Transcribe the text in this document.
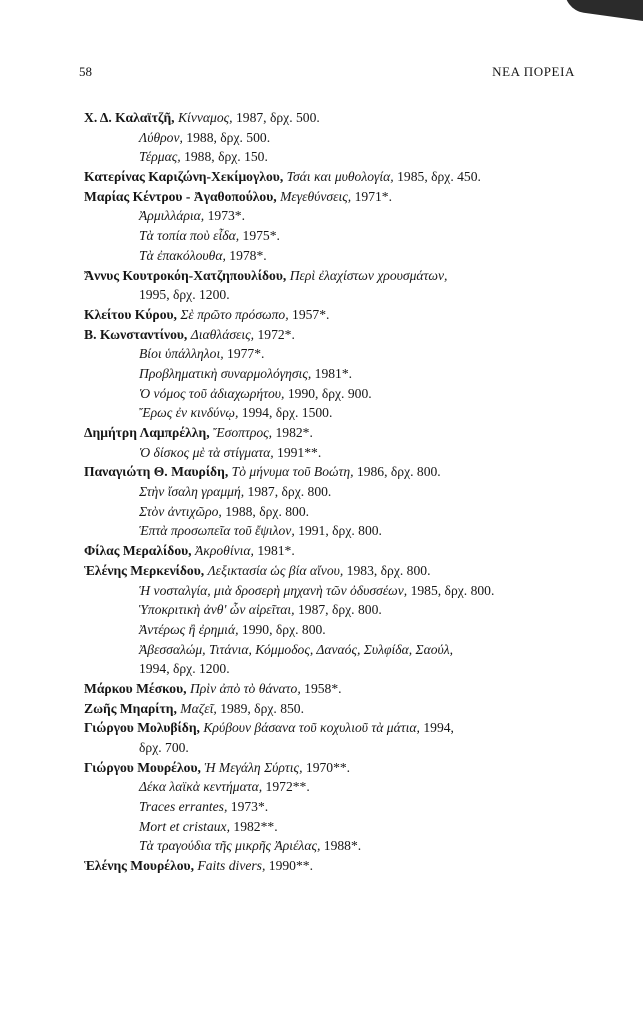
58	ΝΕΑ ΠΟΡΕΙΑ
Χ. Δ. Καλαϊτζῆ, Κίνναμος, 1987, δρχ. 500.
Λύθρον, 1988, δρχ. 500.
Τέρμας, 1988, δρχ. 150.
Κατερίνας Καριζώνη-Χεκίμογλου, Τσάι και μυθολογία, 1985, δρχ. 450.
Μαρίας Κέντρου - Ἀγαθοπούλου, Μεγεθύνσεις, 1971*.
Ἀρμιλλάρια, 1973*.
Τὰ τοπία ποὺ εἶδα, 1975*.
Τὰ ἐπακόλουθα, 1978*.
Ἄννυς Κουτροκόη-Χατζηπουλίδου, Περὶ ἐλαχίστων χρουσμάτων,
1995, δρχ. 1200.
Κλείτου Κύρου, Σὲ πρῶτο πρόσωπο, 1957*.
Β. Κωνσταντίνου, Διαθλάσεις, 1972*.
Βίοι ὑπάλληλοι, 1977*.
Προβληματικὴ συναρμολόγησις, 1981*.
Ὁ νόμος τοῦ ἀδιαχωρήτου, 1990, δρχ. 900.
Ἔρως ἐν κινδύνῳ, 1994, δρχ. 1500.
Δημήτρη Λαμπρέλλη, Ἔσοπτρος, 1982*.
Ὁ δίσκος μὲ τὰ στίγματα, 1991**.
Παναγιώτη Θ. Μαυρίδη, Τὸ μήνυμα τοῦ Βοώτη, 1986, δρχ. 800.
Στὴν ἴσαλη γραμμή, 1987, δρχ. 800.
Στὸν ἀντιχῶρο, 1988, δρχ. 800.
Ἑπτὰ προσωπεῖα τοῦ ἔψιλον, 1991, δρχ. 800.
Φίλας Μεραλίδου, Ἀκροθίνια, 1981*.
Ἑλένης Μερκενίδου, Λεξικτασία ὡς βία αἴνου, 1983, δρχ. 800.
Ἡ νοσταλγία, μιὰ δροσερὴ μηχανὴ τῶν ὀδυσσέων, 1985, δρχ. 800.
Ὑποκριτικὴ ἀνθ' ὧν αἱρεῖται, 1987, δρχ. 800.
Ἀντέρως ἢ ἐρημιά, 1990, δρχ. 800.
Ἀβεσσαλώμ, Τιτάνια, Κόμμοδος, Δαναός, Συλφίδα, Σαούλ,
1994, δρχ. 1200.
Μάρκου Μέσκου, Πρὶν ἀπὸ τὸ θάνατο, 1958*.
Ζωῆς Μηαρίτη, Μαζεῖ, 1989, δρχ. 850.
Γιώργου Μολυβίδη, Κρύβουν βάσανα τοῦ κοχυλιοῦ τὰ μάτια, 1994,
δρχ. 700.
Γιώργου Μουρέλου, Ἡ Μεγάλη Σύρτις, 1970**.
Δέκα λαϊκὰ κεντήματα, 1972**.
Traces errantes, 1973*.
Mort et cristaux, 1982**.
Τὰ τραγούδια τῆς μικρῆς Ἀριέλας, 1988*.
Ἑλένης Μουρέλου, Faits divers, 1990**.
